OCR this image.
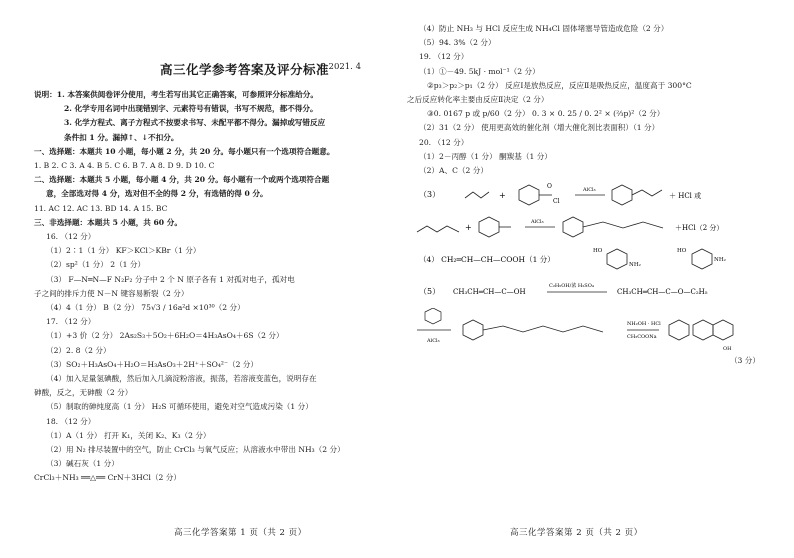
高三化学参考答案及评分标准 2021. 4
说明：1. 本答案供阅卷评分使用，考生若写出其它正确答案，可参照评分标准给分。
2. 化学专用名词中出现错别字、元素符号有错误，书写不规范，都不得分。
3. 化学方程式、离子方程式不按要求书写、未配平都不得分。漏掉或写错反应
条件扣 1 分。漏掉↑、↓不扣分。
一、选择题：本题共 10 小题，每小题 2 分，共 20 分。每小题只有一个选项符合题意。
1. B 2. C 3. A 4. B 5. C 6. B 7. A 8. D 9. D 10. C
二、选择题：本题共 5 小题，每小题 4 分，共 20 分。每小题有一个或两个选项符合题
意，全部选对得 4 分，选对但不全的得 2 分，有选错的得 0 分。
11. AC 12. AC 13. BD 14. A 15. BC
三、非选择题：本题共 5 小题，共 60 分。
16. （12 分）
（1）2∶1（1 分） KF＞KCl＞KBr（1 分）
（2）sp²（1 分） 2（1 分）
（3） F—N═N—F N₂F₂ 分子中 2 个 N 原子各有 1 对孤对电子，孤对电
子之间的排斥力使 N－N 键容易断裂（2 分）
（4）4（1 分） B（2 分） 75√3 / 16a²d ×10³⁰（2 分）
17. （12 分）
（1）+3 价（2 分） 2As₂S₃＋5O₂＋6H₂O＝4H₃AsO₄＋6S（2 分）
（2）2. 8（2 分）
（3）SO₂＋H₃AsO₄＋H₂O＝H₃AsO₃＋2H⁺＋SO₄²⁻（2 分）
（4）加入足量氢碘酸，然后加入几滴淀粉溶液，振荡，若溶液变蓝色，说明存在
砷酸，反之，无砷酸（2 分）
（5）制取的砷纯度高（1 分） H₂S 可循环使用，避免对空气造成污染（1 分）
18. （12 分）
（1）A（1 分） 打开 K₁，关闭 K₂、K₃（2 分）
（2）用 N₂ 排尽装置中的空气，防止 CrCl₃ 与氧气反应；从溶液水中带出 NH₃（2 分）
（3）碱石灰（1 分）
CrCl₃＋NH₃ ══△══ CrN＋3HCl（2 分）
高三化学答案第 1 页（共 2 页）
（4）防止 NH₃ 与 HCl 反应生成 NH₄Cl 固体堵塞导管造成危险（2 分）
（5）94. 3%（2 分）
19. （12 分）
（1）①－49. 5kJ · mol⁻¹（2 分）
②p₃＞p₂＞p₁（2 分） 反应Ⅰ是放热反应，反应Ⅱ是吸热反应，温度高于 300°C
之后反应转化率主要由反应Ⅱ决定（2 分）
③0. 0167 p 或 p/60（2 分） 0. 3 × 0. 25 / 0. 2² × (⅔p)²（2 分）
（2）31（2 分） 使用更高效的催化剂（增大催化剂比表面积）（1 分）
20. （12 分）
（1）2－丙醇（1 分） 酮羰基（1 分）
（2）A、C（2 分）
（3）	+
O
Cl
AlCl₃
＋ HCl 或
+
AlCl₃
＋HCl（2 分）
（4） CH₂═CH—CH—COOH（1 分）
HO
NH₂
HO
NH₂
（5） CH₃CH═CH—C—OH
C₂H₅OH/浓 H₂SO₄
CH₃CH═CH—C—O—C₂H₅
AlCl₃
NH₂OH · HCl
CH₃COONa
OH
（3 分）
高三化学答案第 2 页（共 2 页）
